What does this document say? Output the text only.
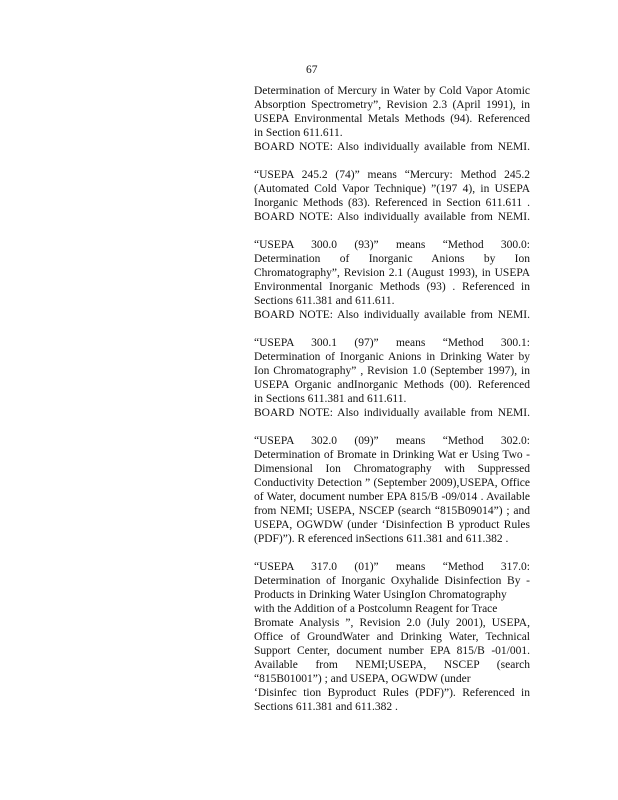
67
Determination of Mercury in Water by Cold Vapor Atomic
Absorption Spectrometry”, Revision 2.3 (April 1991), in
USEPA Environmental Metals Methods (94). Referenced
in Section 611.611.
BOARD NOTE: Also individually available from NEMI.
“USEPA 245.2 (74)” means “Mercury: Method 245.2
(Automated Cold Vapor Technique) ”(197 4), in USEPA
Inorganic Methods (83). Referenced in Section 611.611 .
BOARD NOTE: Also individually available from NEMI.
“USEPA 300.0 (93)” means “Method 300.0:
Determination of Inorganic Anions by Ion
Chromatography”, Revision 2.1 (August 1993), in USEPA
Environmental Inorganic Methods (93) . Referenced in
Sections 611.381 and 611.611.
BOARD NOTE: Also individually available from NEMI.
“USEPA 300.1 (97)” means “Method 300.1:
Determination of Inorganic Anions in Drinking Water by
Ion Chromatography” , Revision 1.0 (September 1997), in
USEPA Organic andInorganic Methods (00). Referenced
in Sections 611.381 and 611.611.
BOARD NOTE: Also individually available from NEMI.
“USEPA 302.0 (09)” means “Method 302.0:
Determination of Bromate in Drinking Wat er Using Two -
Dimensional Ion Chromatography with Suppressed
Conductivity Detection ” (September 2009),USEPA, Office
of Water, document number EPA 815/B -09/014 . Available
from NEMI; USEPA, NSCEP (search “815B09014”) ; and
USEPA, OGWDW (under ‘Disinfection B yproduct Rules
(PDF)”). R eferenced inSections 611.381 and 611.382 .
“USEPA 317.0 (01)” means “Method 317.0:
Determination of Inorganic Oxyhalide Disinfection By -
Products in Drinking Water UsingIon Chromatography
with the Addition of a Postcolumn Reagent for Trace
Bromate Analysis ”, Revision 2.0 (July 2001), USEPA,
Office of GroundWater and Drinking Water, Technical
Support Center, document number EPA 815/B -01/001.
Available from NEMI;USEPA, NSCEP (search
“815B01001”) ; and USEPA, OGWDW (under
‘Disinfec tion Byproduct Rules (PDF)”). Referenced in
Sections 611.381 and 611.382 .
